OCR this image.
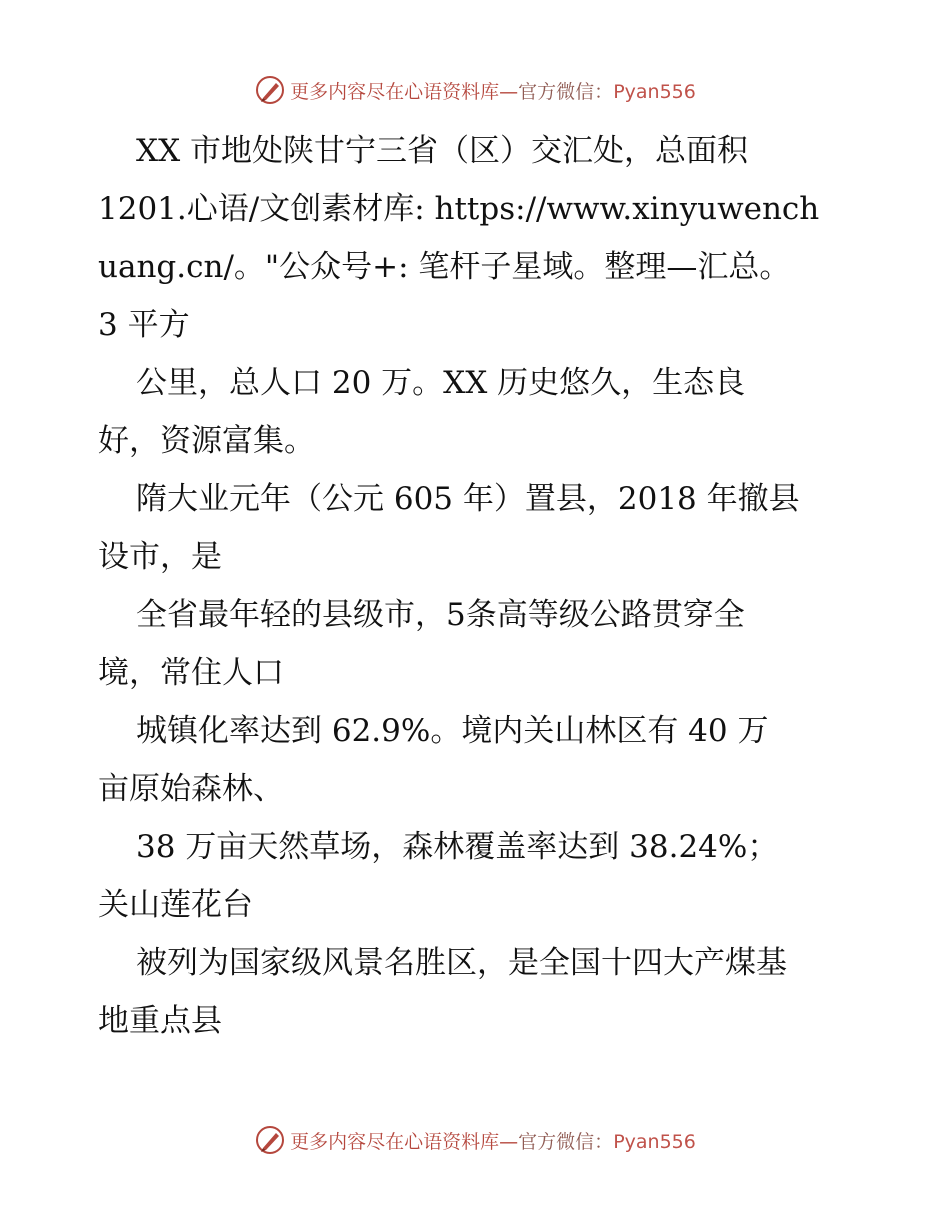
更多内容尽在心语资料库—官方微信：Pyan556
XX 市地处陕甘宁三省（区）交汇处，总面积
1201.心语/文创素材库: https://www.xinyuwench
uang.cn/。"公众号+: 笔杆子星域。整理—汇总。
3 平方
公里，总人口 20 万。XX 历史悠久，生态良
好，资源富集。
隋大业元年（公元 605 年）置县，2018 年撤县
设市，是
全省最年轻的县级市，5条高等级公路贯穿全
境，常住人口
城镇化率达到 62.9%。境内关山林区有 40 万
亩原始森林、
38 万亩天然草场，森林覆盖率达到 38.24%；
关山莲花台
被列为国家级风景名胜区，是全国十四大产煤基
地重点县
更多内容尽在心语资料库—官方微信：Pyan556
